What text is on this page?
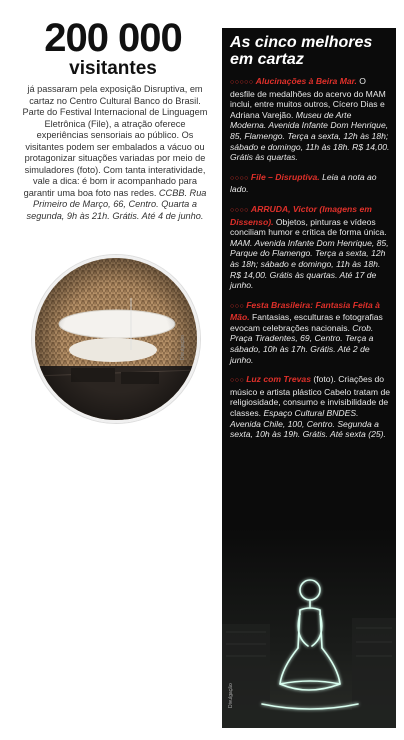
200 000
visitantes

já passaram pela exposição Disruptiva, em cartaz no Centro Cultural Banco do Brasil. Parte do Festival Internacional de Linguagem Eletrônica (File), a atração oferece experiências sensoriais ao público. Os visitantes podem ser embalados a vácuo ou protagonizar situações variadas por meio de simuladores (foto). Com tanta interatividade, vale a dica: é bom ir acompanhado para garantir uma boa foto nas redes. CCBB. Rua Primeiro de Março, 66, Centro. Quarta a segunda, 9h às 21h. Grátis. Até 4 de junho.

Divulgação
As cinco melhores em cartaz

○○○○○ Alucinações à Beira Mar. O desfile de medalhões do acervo do MAM inclui, entre muitos outros, Cícero Dias e Adriana Varejão. Museu de Arte Moderna. Avenida Infante Dom Henrique, 85, Flamengo. Terça a sexta, 12h às 18h; sábado e domingo, 11h às 18h. R$ 14,00. Grátis às quartas.

○○○○ File – Disruptiva. Leia a nota ao lado.

○○○○ ARRUDA, Victor (Imagens em Dissenso). Objetos, pinturas e vídeos conciliam humor e crítica de forma única. MAM. Avenida Infante Dom Henrique, 85, Parque do Flamengo. Terça a sexta, 12h às 18h; sábado e domingo, 11h às 18h. R$ 14,00. Grátis às quartas. Até 17 de junho.

○○○ Festa Brasileira: Fantasia Feita à Mão. Fantasias, esculturas e fotografias evocam celebrações nacionais. Crob. Praça Tiradentes, 69, Centro. Terça a sábado, 10h às 17h. Grátis. Até 2 de junho.

○○○ Luz com Trevas (foto). Criações do músico e artista plástico Cabelo tratam de religiosidade, consumo e invisibilidade de classes. Espaço Cultural BNDES. Avenida Chile, 100, Centro. Segunda a sexta, 10h às 19h. Grátis. Até sexta (25).

Divulgação
